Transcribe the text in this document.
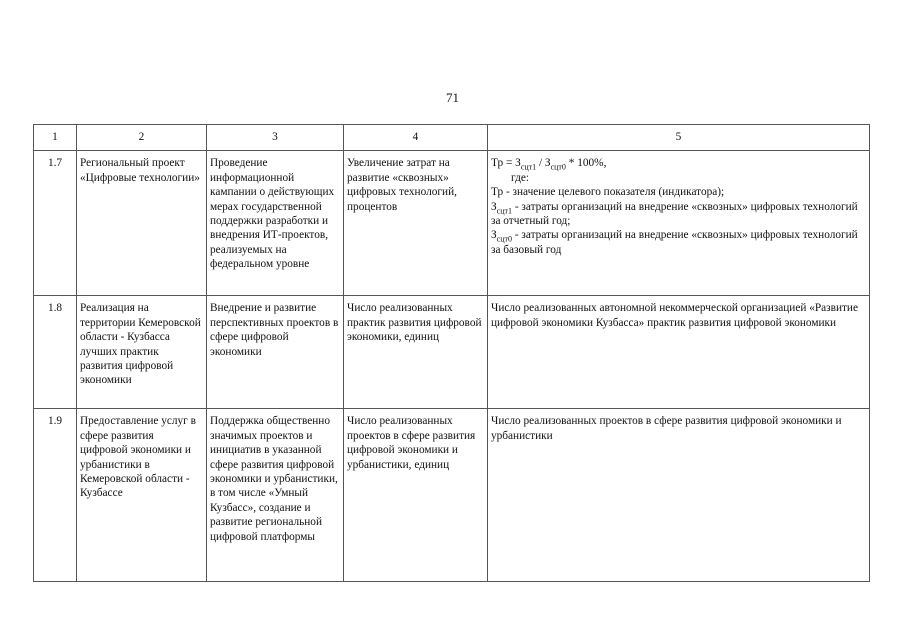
71
1	2	3	4	5
1.7	Региональный проект «Цифровые технологии»	Проведение информационной кампании о действующих мерах государственной поддержки разработки и внедрения ИТ-проектов, реализуемых на федеральном уровне	Увеличение затрат на развитие «сквозных» цифровых технологий, процентов	Тр = $З_{сцт1} / З_{сцт0} * 100\%$,
где:
Тр - значение целевого показателя (индикатора);
$З_{сцт1}$ - затраты организаций на внедрение «сквозных» цифровых технологий за отчетный год;
$З_{сцт0}$ - затраты организаций на внедрение «сквозных» цифровых технологий за базовый год

1.8	Реализация на территории Кемеровской области - Кузбасса лучших практик развития цифровой экономики	Внедрение и развитие перспективных проектов в сфере цифровой экономики	Число реализованных практик развития цифровой экономики, единиц	Число реализованных автономной некоммерческой организацией «Развитие цифровой экономики Кузбасса» практик развития цифровой экономики
1.9	Предоставление услуг в сфере развития цифровой экономики и урбанистики в Кемеровской области - Кузбассе	Поддержка общественно значимых проектов и инициатив в указанной сфере развития цифровой экономики и урбанистики, в том числе «Умный Кузбасс», создание и развитие региональной цифровой платформы	Число реализованных проектов в сфере развития цифровой экономики и урбанистики, единиц	Число реализованных проектов в сфере развития цифровой экономики и урбанистики
